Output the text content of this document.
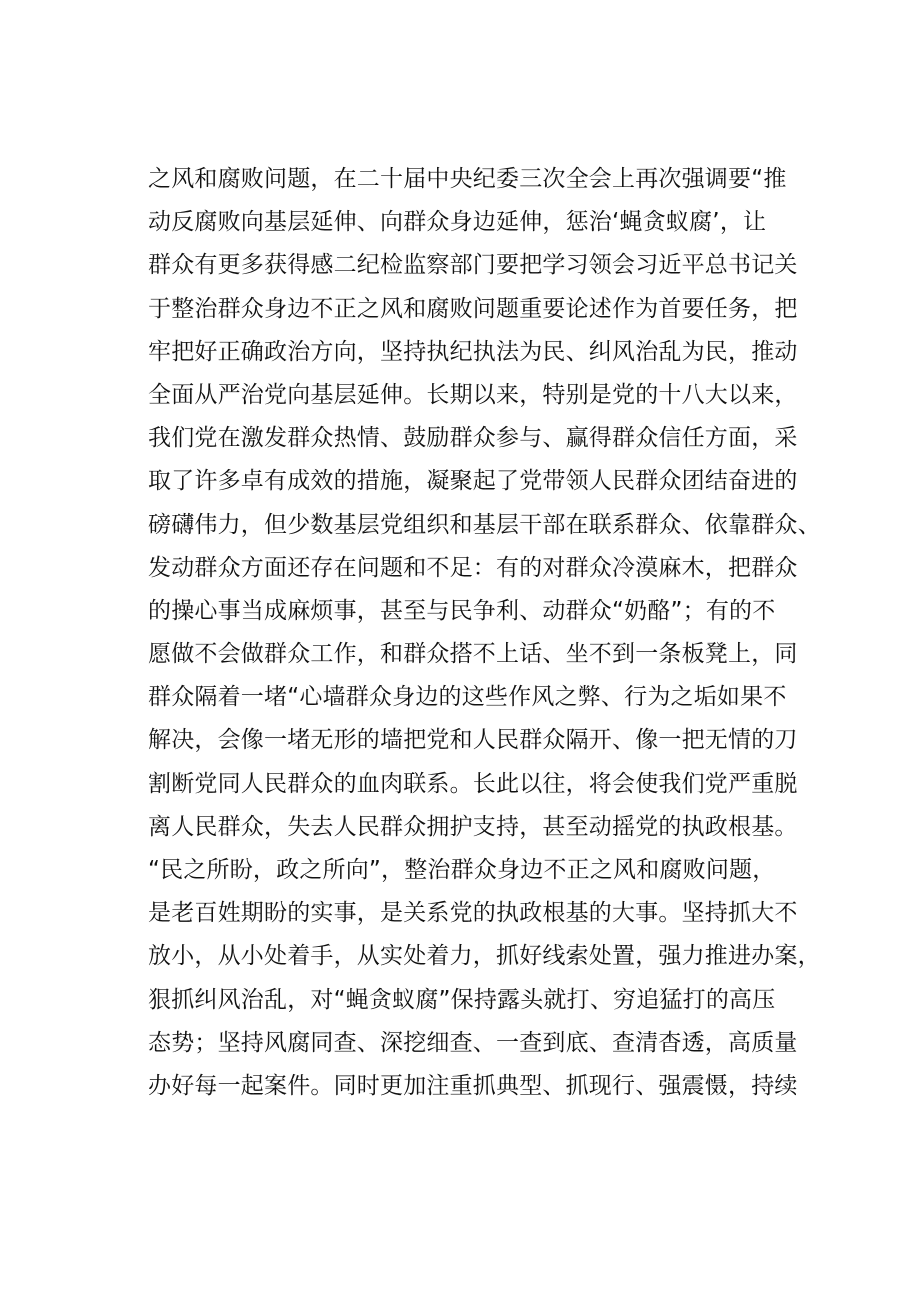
之风和腐败问题，在二十届中央纪委三次全会上再次强调要“推
动反腐败向基层延伸、向群众身边延伸，惩治‘蝇贪蚁腐’，让
群众有更多获得感二纪检监察部门要把学习领会习近平总书记关
于整治群众身边不正之风和腐败问题重要论述作为首要任务，把
牢把好正确政治方向，坚持执纪执法为民、纠风治乱为民，推动
全面从严治党向基层延伸。长期以来，特别是党的十八大以来，
我们党在激发群众热情、鼓励群众参与、赢得群众信任方面，采
取了许多卓有成效的措施，凝聚起了党带领人民群众团结奋进的
磅礴伟力，但少数基层党组织和基层干部在联系群众、依靠群众、
发动群众方面还存在问题和不足：有的对群众冷漠麻木，把群众
的操心事当成麻烦事，甚至与民争利、动群众“奶酪”；有的不
愿做不会做群众工作，和群众搭不上话、坐不到一条板凳上，同
群众隔着一堵“心墙群众身边的这些作风之弊、行为之垢如果不
解决，会像一堵无形的墙把党和人民群众隔开、像一把无情的刀
割断党同人民群众的血肉联系。长此以往，将会使我们党严重脱
离人民群众，失去人民群众拥护支持，甚至动摇党的执政根基。
“民之所盼，政之所向”，整治群众身边不正之风和腐败问题，
是老百姓期盼的实事，是关系党的执政根基的大事。坚持抓大不
放小，从小处着手，从实处着力，抓好线索处置，强力推进办案，
狠抓纠风治乱，对“蝇贪蚁腐”保持露头就打、穷追猛打的高压
态势；坚持风腐同查、深挖细查、一查到底、查清杳透，高质量
办好每一起案件。同时更加注重抓典型、抓现行、强震慑，持续
